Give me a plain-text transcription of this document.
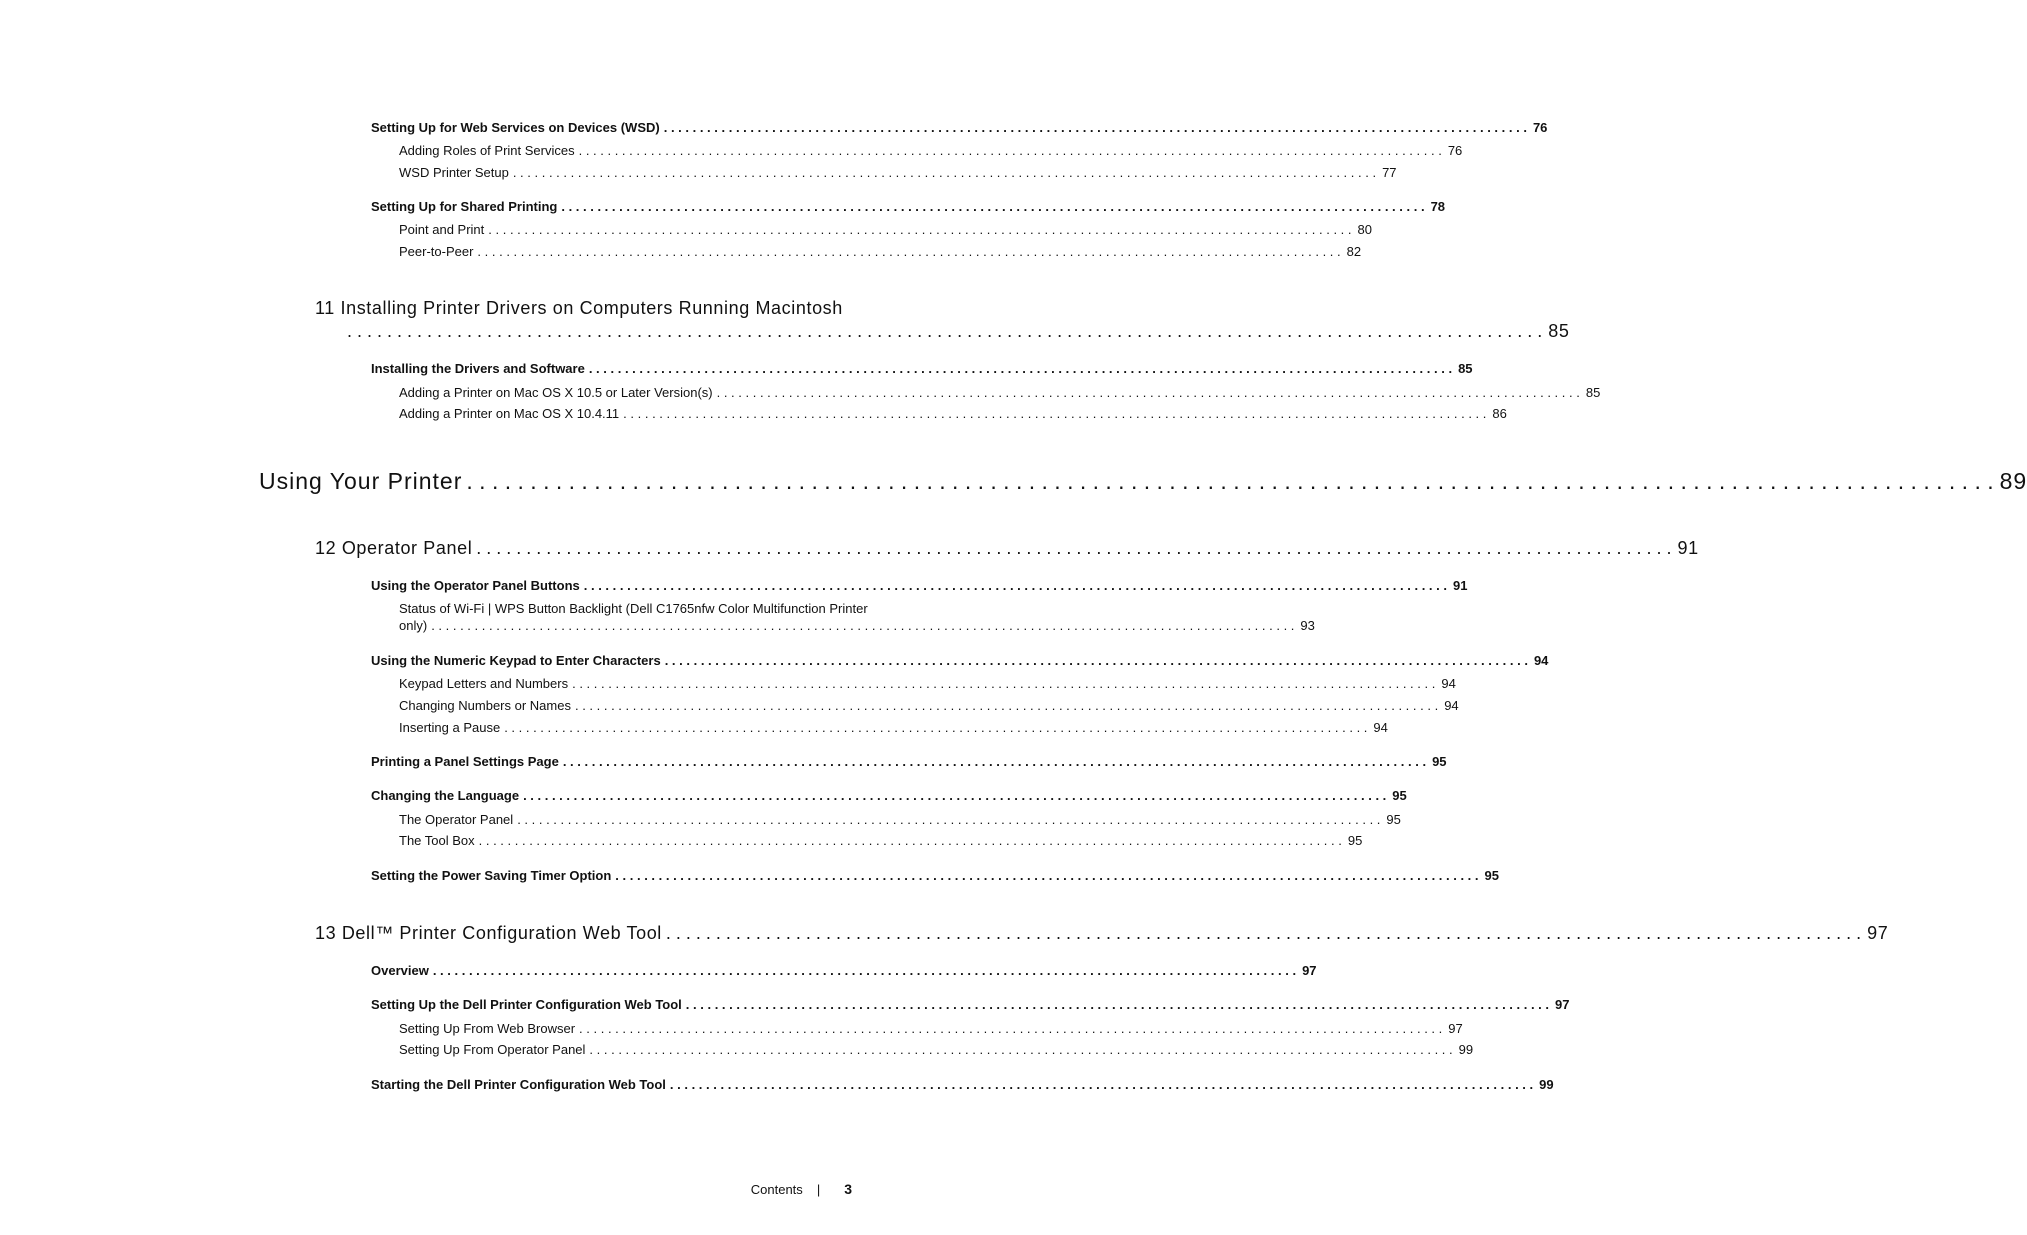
Setting Up for Web Services on Devices (WSD) . . . . . . . . . . . . . . . . . . . . . . . . . . . . . . . . . . . . . . . . . . . . . . . . . . . . . . . . . . . . . . . . . . . . . . . . . . . . . . . . . . . . . . . . . . . . . . . . . . . . . . . . . . . . . . . . . . . . . . . . 76
Adding Roles of Print Services . . . . . . . . . . . . . . . . . . . . . . . . . . . . . . . . . . . . . . . . . . . . . . . . . . . . . . . . . . . . . . . . . . . . . . . . . . . . . . . . . . . . . . . . . . . . . . . . . . . . . . . . . . . . . . . . . . . . . . . . 76
WSD Printer Setup . . . . . . . . . . . . . . . . . . . . . . . . . . . . . . . . . . . . . . . . . . . . . . . . . . . . . . . . . . . . . . . . . . . . . . . . . . . . . . . . . . . . . . . . . . . . . . . . . . . . . . . . . . . . . . . . . . . . . . . . 77
Setting Up for Shared Printing . . . . . . . . . . . . . . . . . . . . . . . . . . . . . . . . . . . . . . . . . . . . . . . . . . . . . . . . . . . . . . . . . . . . . . . . . . . . . . . . . . . . . . . . . . . . . . . . . . . . . . . . . . . . . . . . . . . . . . . . 78
Point and Print . . . . . . . . . . . . . . . . . . . . . . . . . . . . . . . . . . . . . . . . . . . . . . . . . . . . . . . . . . . . . . . . . . . . . . . . . . . . . . . . . . . . . . . . . . . . . . . . . . . . . . . . . . . . . . . . . . . . . . . . 80
Peer-to-Peer . . . . . . . . . . . . . . . . . . . . . . . . . . . . . . . . . . . . . . . . . . . . . . . . . . . . . . . . . . . . . . . . . . . . . . . . . . . . . . . . . . . . . . . . . . . . . . . . . . . . . . . . . . . . . . . . . . . . . . . . 82
11 Installing Printer Drivers on Computers Running Macintosh
. . . . . . . . . . . . . . . . . . . . . . . . . . . . . . . . . . . . . . . . . . . . . . . . . . . . . . . . . . . . . . . . . . . . . . . . . . . . . . . . . . . . . . . . . . . . . . . . . . . . . . . . . . . . . . . . . . . . . . . . 85
Installing the Drivers and Software . . . . . . . . . . . . . . . . . . . . . . . . . . . . . . . . . . . . . . . . . . . . . . . . . . . . . . . . . . . . . . . . . . . . . . . . . . . . . . . . . . . . . . . . . . . . . . . . . . . . . . . . . . . . . . . . . . . . . . . . 85
Adding a Printer on Mac OS X 10.5 or Later Version(s) . . . . . . . . . . . . . . . . . . . . . . . . . . . . . . . . . . . . . . . . . . . . . . . . . . . . . . . . . . . . . . . . . . . . . . . . . . . . . . . . . . . . . . . . . . . . . . . . . . . . . . . . . . . . . . . . . . . . . . . . 85
Adding a Printer on Mac OS X 10.4.11 . . . . . . . . . . . . . . . . . . . . . . . . . . . . . . . . . . . . . . . . . . . . . . . . . . . . . . . . . . . . . . . . . . . . . . . . . . . . . . . . . . . . . . . . . . . . . . . . . . . . . . . . . . . . . . . . . . . . . . . . 86
Using Your Printer . . . . . . . . . . . . . . . . . . . . . . . . . . . . . . . . . . . . . . . . . . . . . . . . . . . . . . . . . . . . . . . . . . . . . . . . . . . . . . . . . . . . . . . . . . . . . . . . . . . . . . . . . . . . . . . . . . . . . . . . 89
12 Operator Panel . . . . . . . . . . . . . . . . . . . . . . . . . . . . . . . . . . . . . . . . . . . . . . . . . . . . . . . . . . . . . . . . . . . . . . . . . . . . . . . . . . . . . . . . . . . . . . . . . . . . . . . . . . . . . . . . . . . . . . . . 91
Using the Operator Panel Buttons . . . . . . . . . . . . . . . . . . . . . . . . . . . . . . . . . . . . . . . . . . . . . . . . . . . . . . . . . . . . . . . . . . . . . . . . . . . . . . . . . . . . . . . . . . . . . . . . . . . . . . . . . . . . . . . . . . . . . . . . 91
Status of Wi-Fi | WPS Button Backlight (Dell C1765nfw Color Multifunction Printer
only) . . . . . . . . . . . . . . . . . . . . . . . . . . . . . . . . . . . . . . . . . . . . . . . . . . . . . . . . . . . . . . . . . . . . . . . . . . . . . . . . . . . . . . . . . . . . . . . . . . . . . . . . . . . . . . . . . . . . . . . . 93
Using the Numeric Keypad to Enter Characters . . . . . . . . . . . . . . . . . . . . . . . . . . . . . . . . . . . . . . . . . . . . . . . . . . . . . . . . . . . . . . . . . . . . . . . . . . . . . . . . . . . . . . . . . . . . . . . . . . . . . . . . . . . . . . . . . . . . . . . . 94
Keypad Letters and Numbers . . . . . . . . . . . . . . . . . . . . . . . . . . . . . . . . . . . . . . . . . . . . . . . . . . . . . . . . . . . . . . . . . . . . . . . . . . . . . . . . . . . . . . . . . . . . . . . . . . . . . . . . . . . . . . . . . . . . . . . . 94
Changing Numbers or Names . . . . . . . . . . . . . . . . . . . . . . . . . . . . . . . . . . . . . . . . . . . . . . . . . . . . . . . . . . . . . . . . . . . . . . . . . . . . . . . . . . . . . . . . . . . . . . . . . . . . . . . . . . . . . . . . . . . . . . . . 94
Inserting a Pause . . . . . . . . . . . . . . . . . . . . . . . . . . . . . . . . . . . . . . . . . . . . . . . . . . . . . . . . . . . . . . . . . . . . . . . . . . . . . . . . . . . . . . . . . . . . . . . . . . . . . . . . . . . . . . . . . . . . . . . . 94
Printing a Panel Settings Page . . . . . . . . . . . . . . . . . . . . . . . . . . . . . . . . . . . . . . . . . . . . . . . . . . . . . . . . . . . . . . . . . . . . . . . . . . . . . . . . . . . . . . . . . . . . . . . . . . . . . . . . . . . . . . . . . . . . . . . . 95
Changing the Language . . . . . . . . . . . . . . . . . . . . . . . . . . . . . . . . . . . . . . . . . . . . . . . . . . . . . . . . . . . . . . . . . . . . . . . . . . . . . . . . . . . . . . . . . . . . . . . . . . . . . . . . . . . . . . . . . . . . . . . . 95
The Operator Panel . . . . . . . . . . . . . . . . . . . . . . . . . . . . . . . . . . . . . . . . . . . . . . . . . . . . . . . . . . . . . . . . . . . . . . . . . . . . . . . . . . . . . . . . . . . . . . . . . . . . . . . . . . . . . . . . . . . . . . . . 95
The Tool Box . . . . . . . . . . . . . . . . . . . . . . . . . . . . . . . . . . . . . . . . . . . . . . . . . . . . . . . . . . . . . . . . . . . . . . . . . . . . . . . . . . . . . . . . . . . . . . . . . . . . . . . . . . . . . . . . . . . . . . . . 95
Setting the Power Saving Timer Option . . . . . . . . . . . . . . . . . . . . . . . . . . . . . . . . . . . . . . . . . . . . . . . . . . . . . . . . . . . . . . . . . . . . . . . . . . . . . . . . . . . . . . . . . . . . . . . . . . . . . . . . . . . . . . . . . . . . . . . . 95
13 Dell™ Printer Configuration Web Tool . . . . . . . . . . . . . . . . . . . . . . . . . . . . . . . . . . . . . . . . . . . . . . . . . . . . . . . . . . . . . . . . . . . . . . . . . . . . . . . . . . . . . . . . . . . . . . . . . . . . . . . . . . . . . . . . . . . . . . . . 97
Overview . . . . . . . . . . . . . . . . . . . . . . . . . . . . . . . . . . . . . . . . . . . . . . . . . . . . . . . . . . . . . . . . . . . . . . . . . . . . . . . . . . . . . . . . . . . . . . . . . . . . . . . . . . . . . . . . . . . . . . . . 97
Setting Up the Dell Printer Configuration Web Tool . . . . . . . . . . . . . . . . . . . . . . . . . . . . . . . . . . . . . . . . . . . . . . . . . . . . . . . . . . . . . . . . . . . . . . . . . . . . . . . . . . . . . . . . . . . . . . . . . . . . . . . . . . . . . . . . . . . . . . . . 97
Setting Up From Web Browser . . . . . . . . . . . . . . . . . . . . . . . . . . . . . . . . . . . . . . . . . . . . . . . . . . . . . . . . . . . . . . . . . . . . . . . . . . . . . . . . . . . . . . . . . . . . . . . . . . . . . . . . . . . . . . . . . . . . . . . . 97
Setting Up From Operator Panel . . . . . . . . . . . . . . . . . . . . . . . . . . . . . . . . . . . . . . . . . . . . . . . . . . . . . . . . . . . . . . . . . . . . . . . . . . . . . . . . . . . . . . . . . . . . . . . . . . . . . . . . . . . . . . . . . . . . . . . . 99
Starting the Dell Printer Configuration Web Tool . . . . . . . . . . . . . . . . . . . . . . . . . . . . . . . . . . . . . . . . . . . . . . . . . . . . . . . . . . . . . . . . . . . . . . . . . . . . . . . . . . . . . . . . . . . . . . . . . . . . . . . . . . . . . . . . . . . . . . . . 99
Contents | 3
